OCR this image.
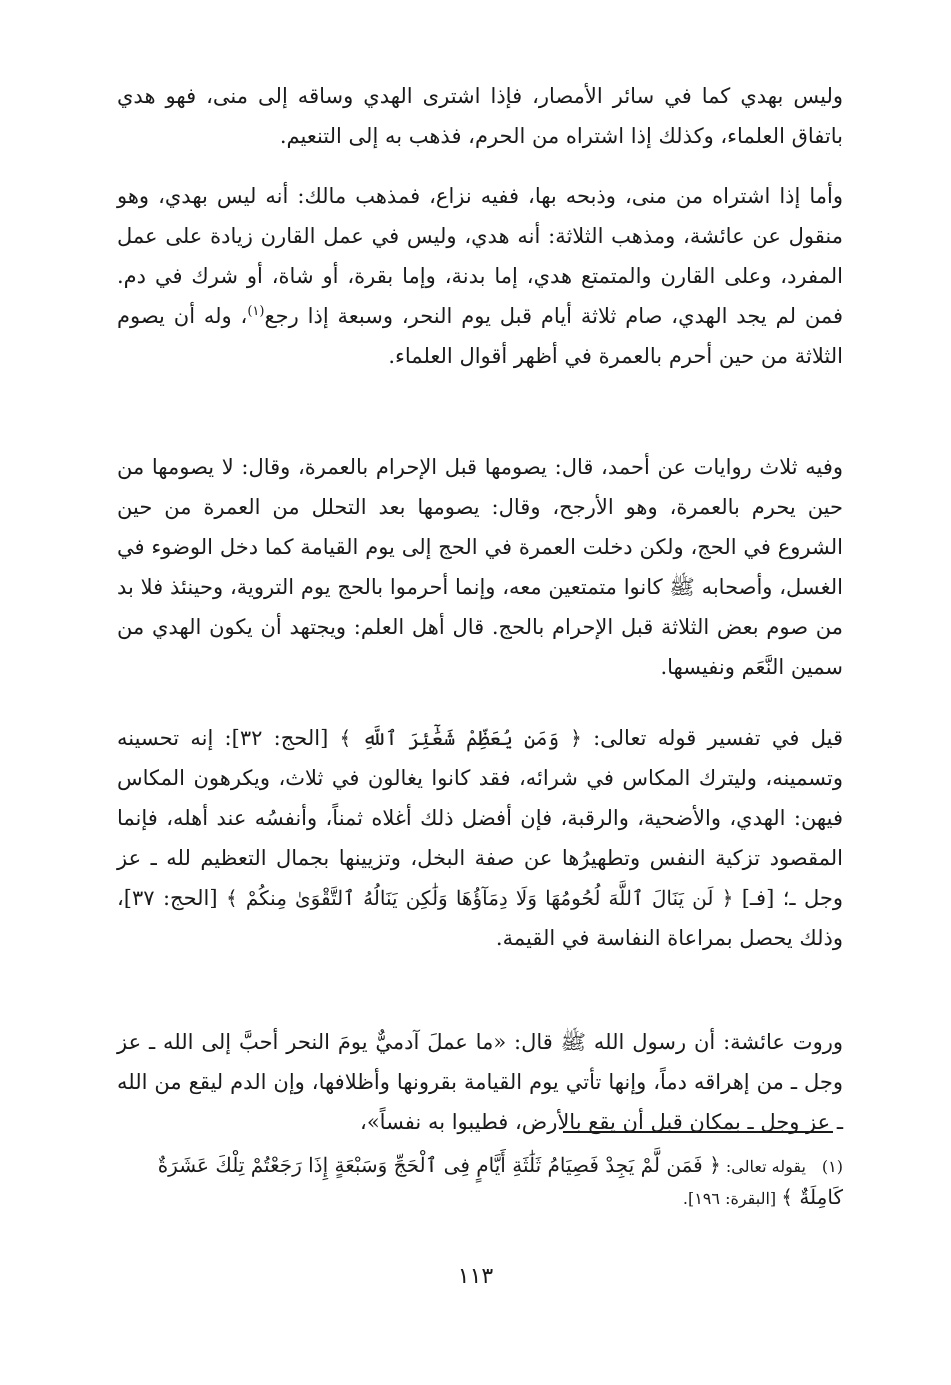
وليس بهدي كما في سائر الأمصار، فإذا اشترى الهدي وساقه إلى منى، فهو هدي باتفاق العلماء، وكذلك إذا اشتراه من الحرم، فذهب به إلى التنعيم.

وأما إذا اشتراه من منى، وذبحه بها، ففيه نزاع، فمذهب مالك: أنه ليس بهدي، وهو منقول عن عائشة، ومذهب الثلاثة: أنه هدي، وليس في عمل القارن زيادة على عمل المفرد، وعلى القارن والمتمتع هدي، إما بدنة، وإما بقرة، أو شاة، أو شرك في دم. فمن لم يجد الهدي، صام ثلاثة أيام قبل يوم النحر، وسبعة إذا رجع$^{(١)}$، وله أن يصوم الثلاثة من حين أحرم بالعمرة في أظهر أقوال العلماء.

وفيه ثلاث روايات عن أحمد، قال: يصومها قبل الإحرام بالعمرة، وقال: لا يصومها من حين يحرم بالعمرة، وهو الأرجح، وقال: يصومها بعد التحلل من العمرة من حين الشروع في الحج، ولكن دخلت العمرة في الحج إلى يوم القيامة كما دخل الوضوء في الغسل، وأصحابه ﷺ كانوا متمتعين معه، وإنما أحرموا بالحج يوم التروية، وحينئذ فلا بد من صوم بعض الثلاثة قبل الإحرام بالحج. قال أهل العلم: ويجتهد أن يكون الهدي من سمين النَّعَم ونفيسها.

قيل في تفسير قوله تعالى: ﴿ وَمَن يُعَظِّمْ شَعَٰٓئِرَ ٱللَّهِ ﴾ [الحج: ٣٢]: إنه تحسينه وتسمينه، وليترك المكاس في شرائه، فقد كانوا يغالون في ثلاث، ويكرهون المكاس فيهن: الهدي، والأضحية، والرقبة، فإن أفضل ذلك أغلاه ثمناً، وأنفسُه عند أهله، فإنما المقصود تزكية النفس وتطهيرُها عن صفة البخل، وتزيينها بجمال التعظيم لله ـ عز وجل ـ؛ [فـ] ﴿ لَن يَنَالَ ٱللَّهَ لُحُومُهَا وَلَا دِمَآؤُهَا وَلَٰكِن يَنَالُهُ ٱلتَّقْوَىٰ مِنكُمْ ﴾ [الحج: ٣٧]، وذلك يحصل بمراعاة النفاسة في القيمة.

وروت عائشة: أن رسول الله ﷺ قال: «ما عملَ آدميٌّ يومَ النحر أحبَّ إلى الله ـ عز وجل ـ من إهراقه دماً، وإنها تأتي يوم القيامة بقرونها وأظلافها، وإن الدم ليقع من الله ـ عز وجل ـ بمكان قبل أن يقع بالأرض، فطيبوا به نفساً»،

(١)يقوله تعالى: ﴿ فَمَن لَّمْ يَجِدْ فَصِيَامُ ثَلَٰثَةِ أَيَّامٍ فِى ٱلْحَجِّ وَسَبْعَةٍ إِذَا رَجَعْتُمْ تِلْكَ عَشَرَةٌ كَامِلَةٌ ﴾ [البقرة: ١٩٦].

١١٣
